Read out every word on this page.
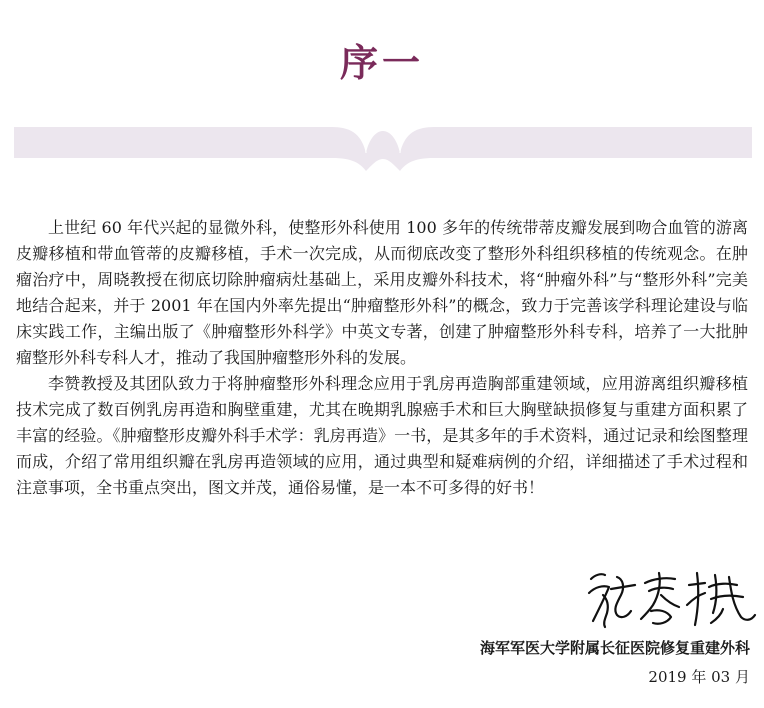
序一

上世纪 60 年代兴起的显微外科，使整形外科使用 100 多年的传统带蒂皮瓣发展到吻合血管的游离皮瓣移植和带血管蒂的皮瓣移植，手术一次完成，从而彻底改变了整形外科组织移植的传统观念。在肿瘤治疗中，周晓教授在彻底切除肿瘤病灶基础上，采用皮瓣外科技术，将“肿瘤外科”与“整形外科”完美地结合起来，并于 2001 年在国内外率先提出“肿瘤整形外科”的概念，致力于完善该学科理论建设与临床实践工作，主编出版了《肿瘤整形外科学》中英文专著，创建了肿瘤整形外科专科，培养了一大批肿瘤整形外科专科人才，推动了我国肿瘤整形外科的发展。

李赞教授及其团队致力于将肿瘤整形外科理念应用于乳房再造胸部重建领域，应用游离组织瓣移植技术完成了数百例乳房再造和胸壁重建，尤其在晚期乳腺癌手术和巨大胸壁缺损修复与重建方面积累了丰富的经验。《肿瘤整形皮瓣外科手术学：乳房再造》一书，是其多年的手术资料，通过记录和绘图整理而成，介绍了常用组织瓣在乳房再造领域的应用，通过典型和疑难病例的介绍，详细描述了手术过程和注意事项，全书重点突出，图文并茂，通俗易懂，是一本不可多得的好书！

海军军医大学附属长征医院修复重建外科
2019 年 03 月
